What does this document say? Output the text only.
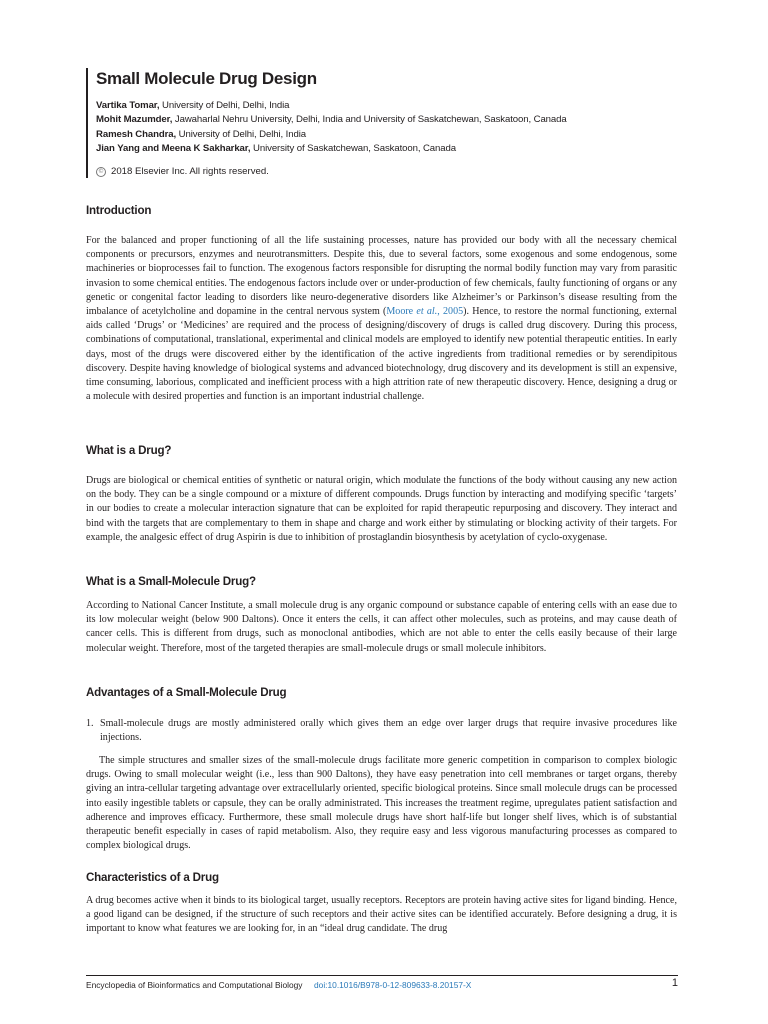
Small Molecule Drug Design
Vartika Tomar, University of Delhi, Delhi, India
Mohit Mazumder, Jawaharlal Nehru University, Delhi, India and University of Saskatchewan, Saskatoon, Canada
Ramesh Chandra, University of Delhi, Delhi, India
Jian Yang and Meena K Sakharkar, University of Saskatchewan, Saskatoon, Canada
© 2018 Elsevier Inc. All rights reserved.
Introduction

For the balanced and proper functioning of all the life sustaining processes, nature has provided our body with all the necessary chemical components or precursors, enzymes and neurotransmitters. Despite this, due to several factors, some exogenous and some endogenous, some machineries or bioprocesses fail to function. The exogenous factors responsible for disrupting the normal bodily function may vary from parasitic invasion to some chemical entities. The endogenous factors include over or under-production of few chemicals, faulty functioning of organs or any genetic or congenital factor leading to disorders like neuro-degenerative disorders like Alzheimer’s or Parkinson’s disease resulting from the imbalance of acetylcholine and dopamine in the central nervous system (Moore et al., 2005). Hence, to restore the normal functioning, external aids called ‘Drugs’ or ‘Medicines’ are required and the process of designing/discovery of drugs is called drug discovery. During this process, combinations of computational, translational, experimental and clinical models are employed to identify new potential therapeutic entities. In early days, most of the drugs were discovered either by the identification of the active ingredients from traditional remedies or by serendipitous discovery. Despite having knowledge of biological systems and advanced biotechnology, drug discovery and its development is still an expensive, time consuming, laborious, complicated and inefficient process with a high attrition rate of new therapeutic discovery. Hence, designing a drug or a molecule with desired properties and function is an important industrial challenge.

What is a Drug?

Drugs are biological or chemical entities of synthetic or natural origin, which modulate the functions of the body without causing any new action on the body. They can be a single compound or a mixture of different compounds. Drugs function by interacting and modifying specific ‘targets’ in our bodies to create a molecular interaction signature that can be exploited for rapid therapeutic repurposing and discovery. They interact and bind with the targets that are complementary to them in shape and charge and work either by stimulating or blocking activity of their targets. For example, the analgesic effect of drug Aspirin is due to inhibition of prostaglandin biosynthesis by acetylation of cyclo-oxygenase.

What is a Small-Molecule Drug?

According to National Cancer Institute, a small molecule drug is any organic compound or substance capable of entering cells with an ease due to its low molecular weight (below 900 Daltons). Once it enters the cells, it can affect other molecules, such as proteins, and may cause death of cancer cells. This is different from drugs, such as monoclonal antibodies, which are not able to enter the cells easily because of their large molecular weight. Therefore, most of the targeted therapies are small-molecule drugs or small molecule inhibitors.

Advantages of a Small-Molecule Drug
1. Small-molecule drugs are mostly administered orally which gives them an edge over larger drugs that require invasive procedures like injections.

The simple structures and smaller sizes of the small-molecule drugs facilitate more generic competition in comparison to complex biologic drugs. Owing to small molecular weight (i.e., less than 900 Daltons), they have easy penetration into cell membranes or target organs, thereby giving an intra-cellular targeting advantage over extracellularly oriented, specific biological proteins. Since small molecule drugs can be processed into easily ingestible tablets or capsule, they can be orally administrated. This increases the treatment regime, upregulates patient satisfaction and adherence and improves efficacy. Furthermore, these small molecule drugs have short half-life but longer shelf lives, which is of substantial therapeutic benefit especially in cases of rapid metabolism. Also, they require easy and less vigorous manufacturing processes as compared to complex biological drugs.

Characteristics of a Drug

A drug becomes active when it binds to its biological target, usually receptors. Receptors are protein having active sites for ligand binding. Hence, a good ligand can be designed, if the structure of such receptors and their active sites can be identified accurately. Before designing a drug, it is important to know what features we are looking for, in an “ideal drug candidate. The drug

Encyclopedia of Bioinformatics and Computational Biology doi:10.1016/B978-0-12-809633-8.20157-X	1
